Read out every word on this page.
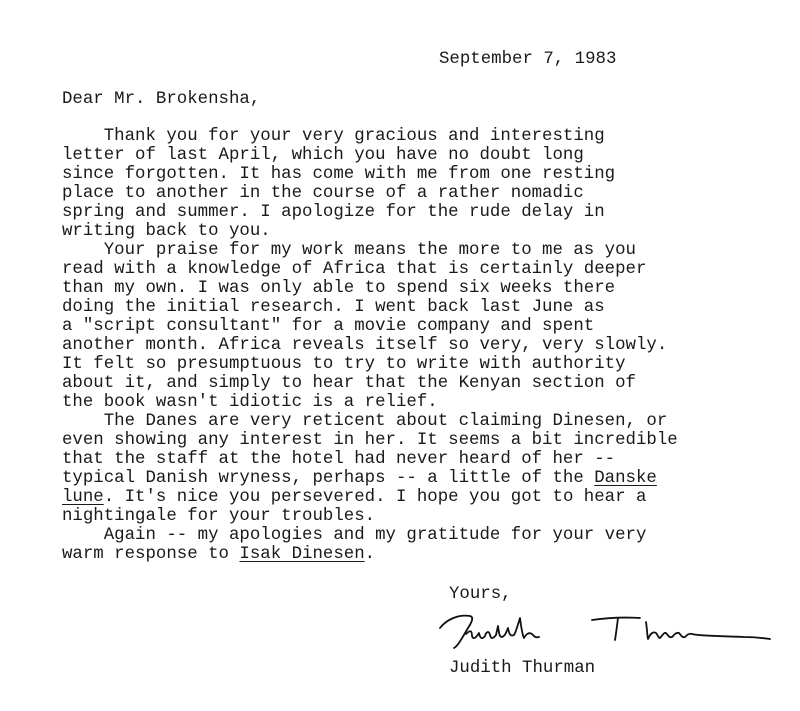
September 7, 1983
Dear Mr. Brokensha,
Thank you for your very gracious and interesting
letter of last April, which you have no doubt long
since forgotten. It has come with me from one resting
place to another in the course of a rather nomadic
spring and summer. I apologize for the rude delay in
writing back to you.
Your praise for my work means the more to me as you
read with a knowledge of Africa that is certainly deeper
than my own. I was only able to spend six weeks there
doing the initial research. I went back last June as
a "script consultant" for a movie company and spent
another month. Africa reveals itself so very, very slowly.
It felt so presumptuous to try to write with authority
about it, and simply to hear that the Kenyan section of
the book wasn't idiotic is a relief.
The Danes are very reticent about claiming Dinesen, or
even showing any interest in her. It seems a bit incredible
that the staff at the hotel had never heard of her --
typical Danish wryness, perhaps -- a little of the Danske
lune. It's nice you persevered. I hope you got to hear a
nightingale for your troubles.
Again -- my apologies and my gratitude for your very
warm response to Isak Dinesen.
Yours,
Judith Thurman
